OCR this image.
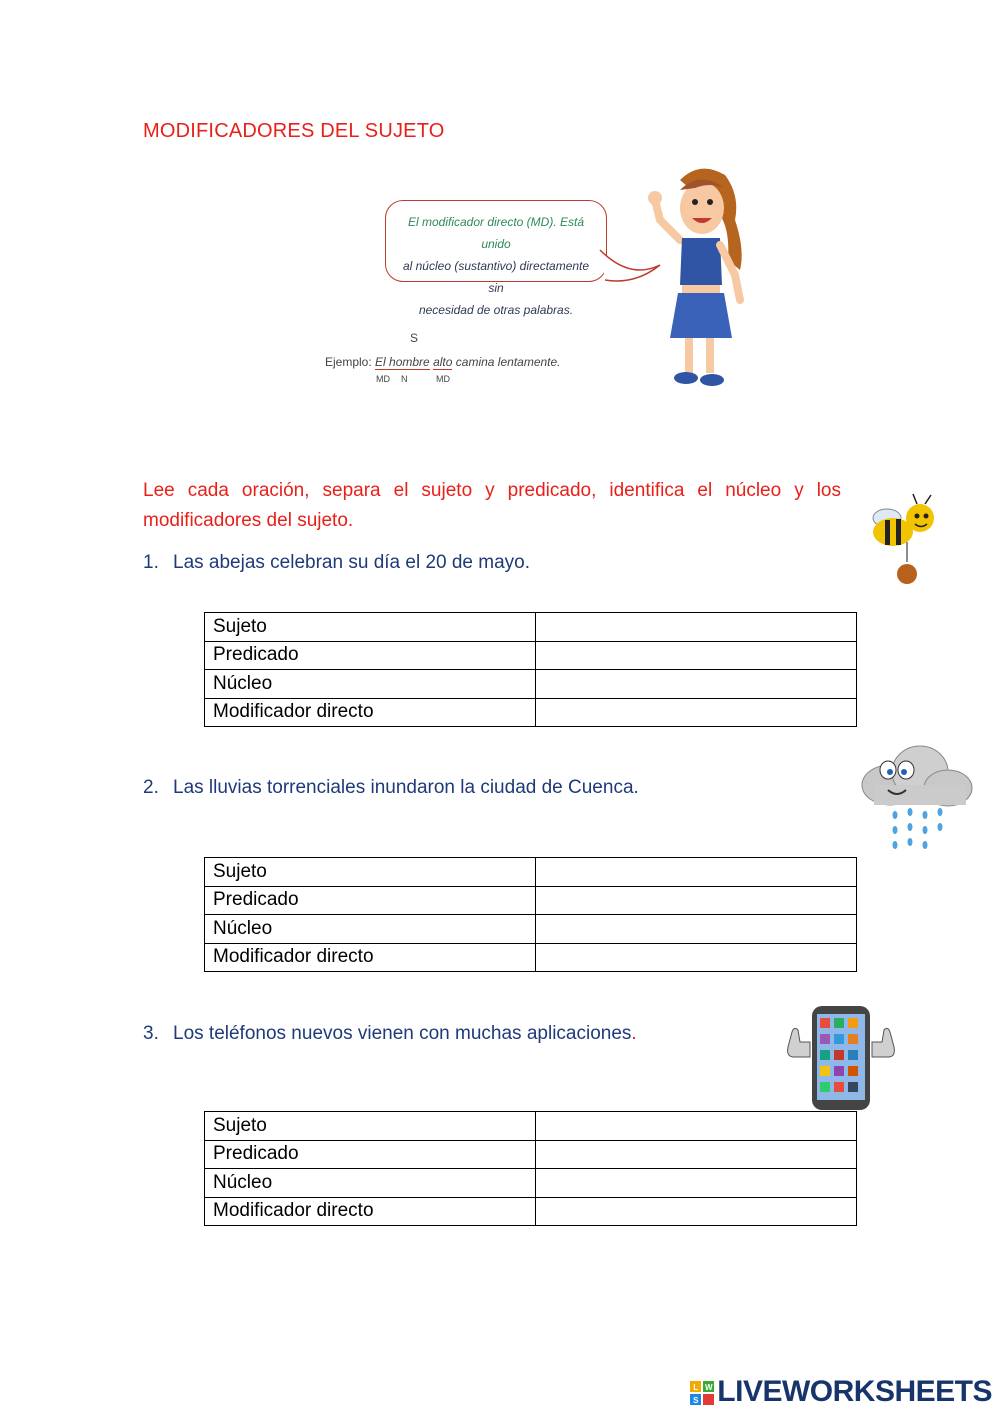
MODIFICADORES DEL SUJETO
El modificador directo (MD). Está unido
al núcleo (sustantivo) directamente sin
necesidad de otras palabras.
S
Ejemplo: El hombre alto camina lentamente.
MD N	MD
Lee cada oración, separa el sujeto y predicado, identifica el núcleo y los modificadores del sujeto.
1. Las abejas celebran su día el 20 de mayo.
Sujeto	
Predicado	
Núcleo	
Modificador directo	
2. Las lluvias torrenciales inundaron la ciudad de Cuenca.
Sujeto	
Predicado	
Núcleo	
Modificador directo	
3. Los teléfonos nuevos vienen con muchas aplicaciones.
Sujeto	
Predicado	
Núcleo	
Modificador directo	
L W
S LIVEWORKSHEETS
